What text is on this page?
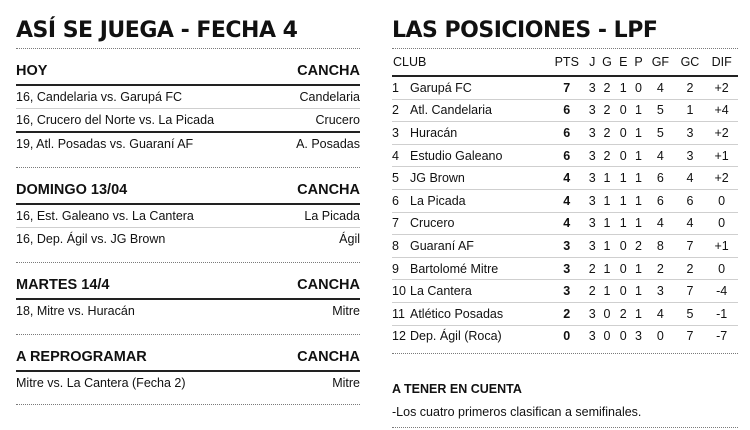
ASÍ SE JUEGA - FECHA 4
HOY	CANCHA
16, Candelaria vs. Garupá FC	Candelaria
16, Crucero del Norte vs. La Picada	Crucero
19, Atl. Posadas vs. Guaraní AF	A. Posadas
DOMINGO 13/04	CANCHA
16, Est. Galeano vs. La Cantera	La Picada
16, Dep. Ágil vs. JG Brown	Ágil
MARTES 14/4	CANCHA
18, Mitre vs. Huracán	Mitre
A REPROGRAMAR	CANCHA
Mitre vs. La Cantera (Fecha 2)	Mitre
LAS POSICIONES - LPF
CLUB		PTS	J	G	E	P	GF	GC	DIF
1	Garupá FC	7	3	2	1	0	4	2	+2
2	Atl. Candelaria	6	3	2	0	1	5	1	+4
3	Huracán	6	3	2	0	1	5	3	+2
4	Estudio Galeano	6	3	2	0	1	4	3	+1
5	JG Brown	4	3	1	1	1	6	4	+2
6	La Picada	4	3	1	1	1	6	6	0
7	Crucero	4	3	1	1	1	4	4	0
8	Guaraní AF	3	3	1	0	2	8	7	+1
9	Bartolomé Mitre	3	2	1	0	1	2	2	0
10	La Cantera	3	2	1	0	1	3	7	-4
11	Atlético Posadas	2	3	0	2	1	4	5	-1
12	Dep. Ágil (Roca)	0	3	0	0	3	0	7	-7
A TENER EN CUENTA
-Los cuatro primeros clasifican a semifinales.
